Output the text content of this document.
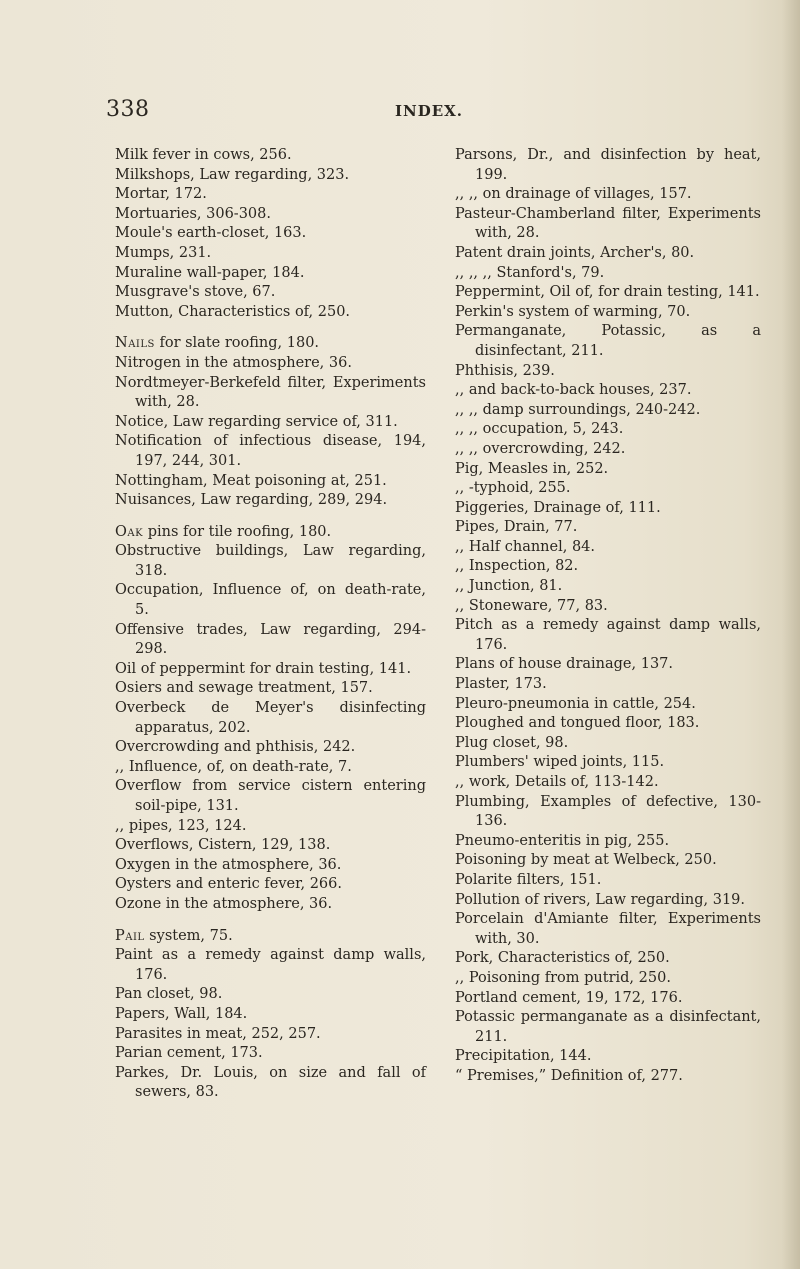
338	INDEX.
Milk fever in cows, 256.
Milkshops, Law regarding, 323.
Mortar, 172.
Mortuaries, 306-308.
Moule's earth-closet, 163.
Mumps, 231.
Muraline wall-paper, 184.
Musgrave's stove, 67.
Mutton, Characteristics of, 250.
Nails for slate roofing, 180.
Nitrogen in the atmosphere, 36.
Nordtmeyer-Berkefeld filter, Experiments with, 28.
Notice, Law regarding service of, 311.
Notification of infectious disease, 194, 197, 244, 301.
Nottingham, Meat poisoning at, 251.
Nuisances, Law regarding, 289, 294.
Oak pins for tile roofing, 180.
Obstructive buildings, Law regarding, 318.
Occupation, Influence of, on death-rate, 5.
Offensive trades, Law regarding, 294-298.
Oil of peppermint for drain testing, 141.
Osiers and sewage treatment, 157.
Overbeck de Meyer's disinfecting apparatus, 202.
Overcrowding and phthisis, 242.
,, Influence, of, on death-rate, 7.
Overflow from service cistern entering soil-pipe, 131.
,, pipes, 123, 124.
Overflows, Cistern, 129, 138.
Oxygen in the atmosphere, 36.
Oysters and enteric fever, 266.
Ozone in the atmosphere, 36.
Pail system, 75.
Paint as a remedy against damp walls, 176.
Pan closet, 98.
Papers, Wall, 184.
Parasites in meat, 252, 257.
Parian cement, 173.
Parkes, Dr. Louis, on size and fall of sewers, 83.
Parsons, Dr., and disinfection by heat, 199.
,, ,, on drainage of villages, 157.
Pasteur-Chamberland filter, Experiments with, 28.
Patent drain joints, Archer's, 80.
,, ,, ,, Stanford's, 79.
Peppermint, Oil of, for drain testing, 141.
Perkin's system of warming, 70.
Permanganate, Potassic, as a disinfectant, 211.
Phthisis, 239.
,, and back-to-back houses, 237.
,, ,, damp surroundings, 240-242.
,, ,, occupation, 5, 243.
,, ,, overcrowding, 242.
Pig, Measles in, 252.
,, -typhoid, 255.
Piggeries, Drainage of, 111.
Pipes, Drain, 77.
,, Half channel, 84.
,, Inspection, 82.
,, Junction, 81.
,, Stoneware, 77, 83.
Pitch as a remedy against damp walls, 176.
Plans of house drainage, 137.
Plaster, 173.
Pleuro-pneumonia in cattle, 254.
Ploughed and tongued floor, 183.
Plug closet, 98.
Plumbers' wiped joints, 115.
,, work, Details of, 113-142.
Plumbing, Examples of defective, 130-136.
Pneumo-enteritis in pig, 255.
Poisoning by meat at Welbeck, 250.
Polarite filters, 151.
Pollution of rivers, Law regarding, 319.
Porcelain d'Amiante filter, Experiments with, 30.
Pork, Characteristics of, 250.
,, Poisoning from putrid, 250.
Portland cement, 19, 172, 176.
Potassic permanganate as a disinfectant, 211.
Precipitation, 144.
“ Premises,” Definition of, 277.
